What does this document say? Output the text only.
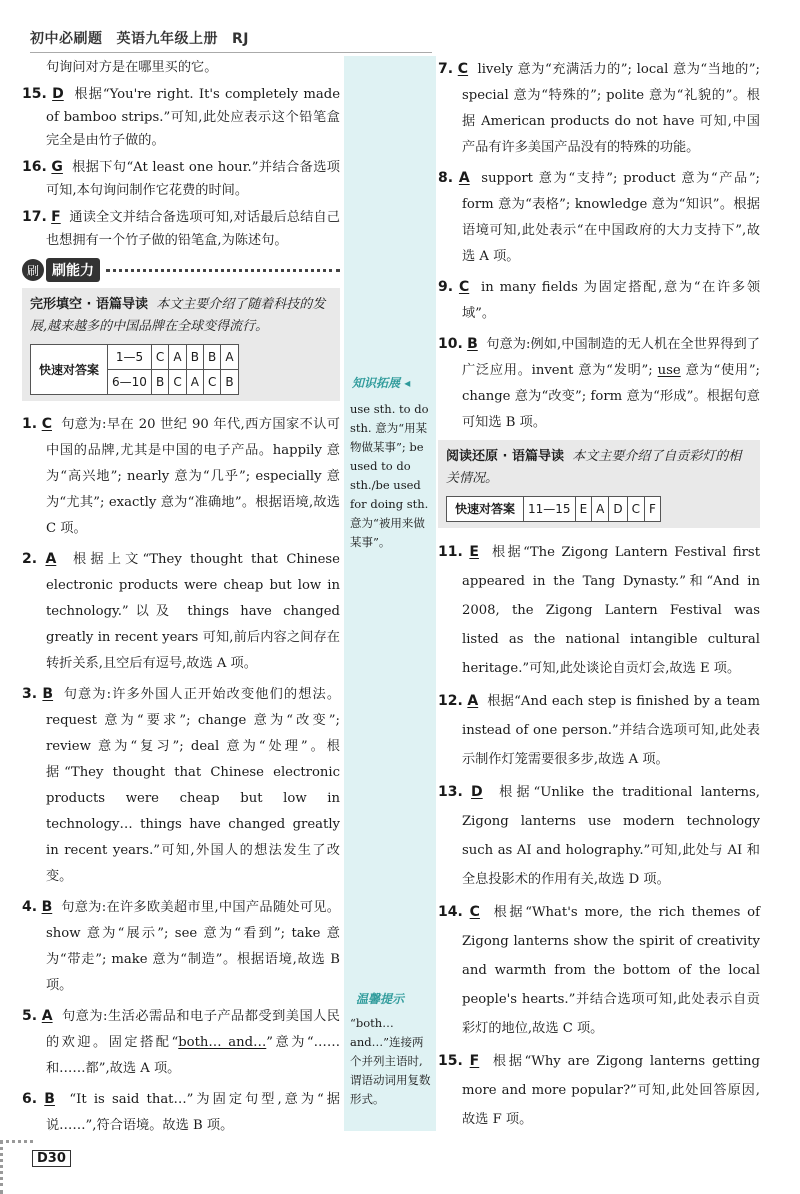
初中必刷题 英语九年级上册 RJ
知识拓展 ◂
use sth. to do sth. 意为“用某物做某事”; be used to do sth./be used for doing sth. 意为“被用来做某事”。
温馨提示
“both… and…”连接两个并列主语时,谓语动词用复数形式。

句询问对方是在哪里买的它。

15. D 根据“You're right. It's completely made of bamboo strips.”可知,此处应表示这个铅笔盒完全是由竹子做的。

16. G 根据下句“At least one hour.”并结合备选项可知,本句询问制作它花费的时间。

17. F 通读全文并结合备选项可知,对话最后总结自己也想拥有一个竹子做的铅笔盒,为陈述句。

刷 刷能力
完形填空 · 语篇导读 本文主要介绍了随着科技的发展,越来越多的中国品牌在全球变得流行。
快速对答案	1—5	C	A	B	B	A
	6—10	B	C	A	C	B

1. C 句意为:早在 20 世纪 90 年代,西方国家不认可中国的品牌,尤其是中国的电子产品。happily 意为“高兴地”; nearly 意为“几乎”; especially 意为“尤其”; exactly 意为“准确地”。根据语境,故选 C 项。

2. A 根据上文“They thought that Chinese electronic products were cheap but low in technology.”以及 things have changed greatly in recent years 可知,前后内容之间存在转折关系,且空后有逗号,故选 A 项。

3. B 句意为:许多外国人正开始改变他们的想法。request 意为“要求”; change 意为“改变”; review 意为“复习”; deal 意为“处理”。根据“They thought that Chinese electronic products were cheap but low in technology… things have changed greatly in recent years.”可知,外国人的想法发生了改变。

4. B 句意为:在许多欧美超市里,中国产品随处可见。show 意为“展示”; see 意为“看到”; take 意为“带走”; make 意为“制造”。根据语境,故选 B 项。

5. A 句意为:生活必需品和电子产品都受到美国人民的欢迎。固定搭配“both… and…”意为“……和……都”,故选 A 项。

6. B “It is said that…”为固定句型,意为“据说……”,符合语境。故选 B 项。

7. C lively 意为“充满活力的”; local 意为“当地的”; special 意为“特殊的”; polite 意为“礼貌的”。根据 American products do not have 可知,中国产品有许多美国产品没有的特殊的功能。

8. A support 意为“支持”; product 意为“产品”; form 意为“表格”; knowledge 意为“知识”。根据语境可知,此处表示“在中国政府的大力支持下”,故选 A 项。

9. C in many fields 为固定搭配,意为“在许多领域”。

10. B 句意为:例如,中国制造的无人机在全世界得到了广泛应用。invent 意为“发明”; use 意为“使用”; change 意为“改变”; form 意为“形成”。根据句意可知选 B 项。

阅读还原 · 语篇导读 本文主要介绍了自贡彩灯的相关情况。
快速对答案	11—15	E	A	D	C	F

11. E 根据“The Zigong Lantern Festival first appeared in the Tang Dynasty.”和“And in 2008, the Zigong Lantern Festival was listed as the national intangible cultural heritage.”可知,此处谈论自贡灯会,故选 E 项。

12. A 根据“And each step is finished by a team instead of one person.”并结合选项可知,此处表示制作灯笼需要很多步,故选 A 项。

13. D 根据“Unlike the traditional lanterns, Zigong lanterns use modern technology such as AI and holography.”可知,此处与 AI 和全息投影术的作用有关,故选 D 项。

14. C 根据“What's more, the rich themes of Zigong lanterns show the spirit of creativity and warmth from the bottom of the local people's hearts.”并结合选项可知,此处表示自贡彩灯的地位,故选 C 项。

15. F 根据“Why are Zigong lanterns getting more and more popular?”可知,此处回答原因,故选 F 项。

D30
